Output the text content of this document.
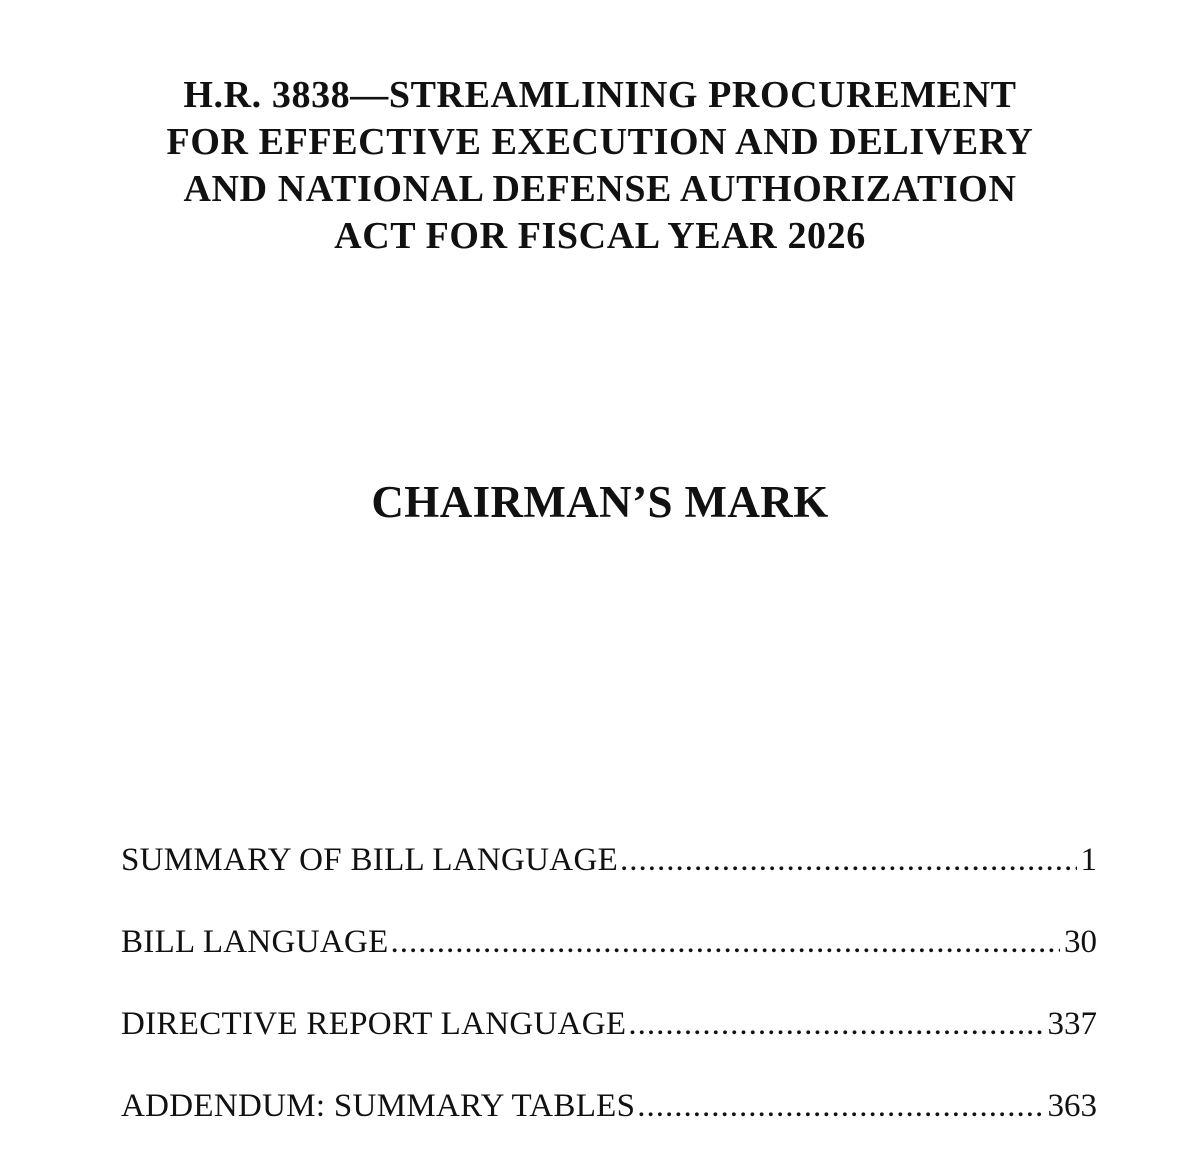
H.R. 3838—STREAMLINING PROCUREMENT
FOR EFFECTIVE EXECUTION AND DELIVERY
AND NATIONAL DEFENSE AUTHORIZATION
ACT FOR FISCAL YEAR 2026
CHAIRMAN’S MARK
SUMMARY OF BILL LANGUAGE .....	1
BILL LANGUAGE .....	30
DIRECTIVE REPORT LANGUAGE .....	337
ADDENDUM: SUMMARY TABLES .....	363
